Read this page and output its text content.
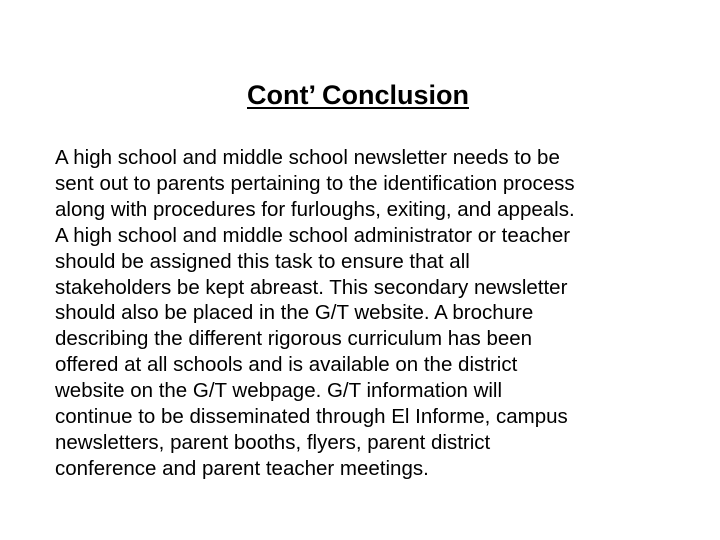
Cont’ Conclusion
A high school and middle school newsletter needs to be
sent out to parents pertaining to the identification process
along with procedures for furloughs, exiting, and appeals.
A high school and middle school administrator or teacher
should be assigned this task to ensure that all
stakeholders be kept abreast. This secondary newsletter
should also be placed in the G/T website. A brochure
describing the different rigorous curriculum has been
offered at all schools and is available on the district
website on the G/T webpage. G/T information will
continue to be disseminated through El Informe, campus
newsletters, parent booths, flyers, parent district
conference and parent teacher meetings.
